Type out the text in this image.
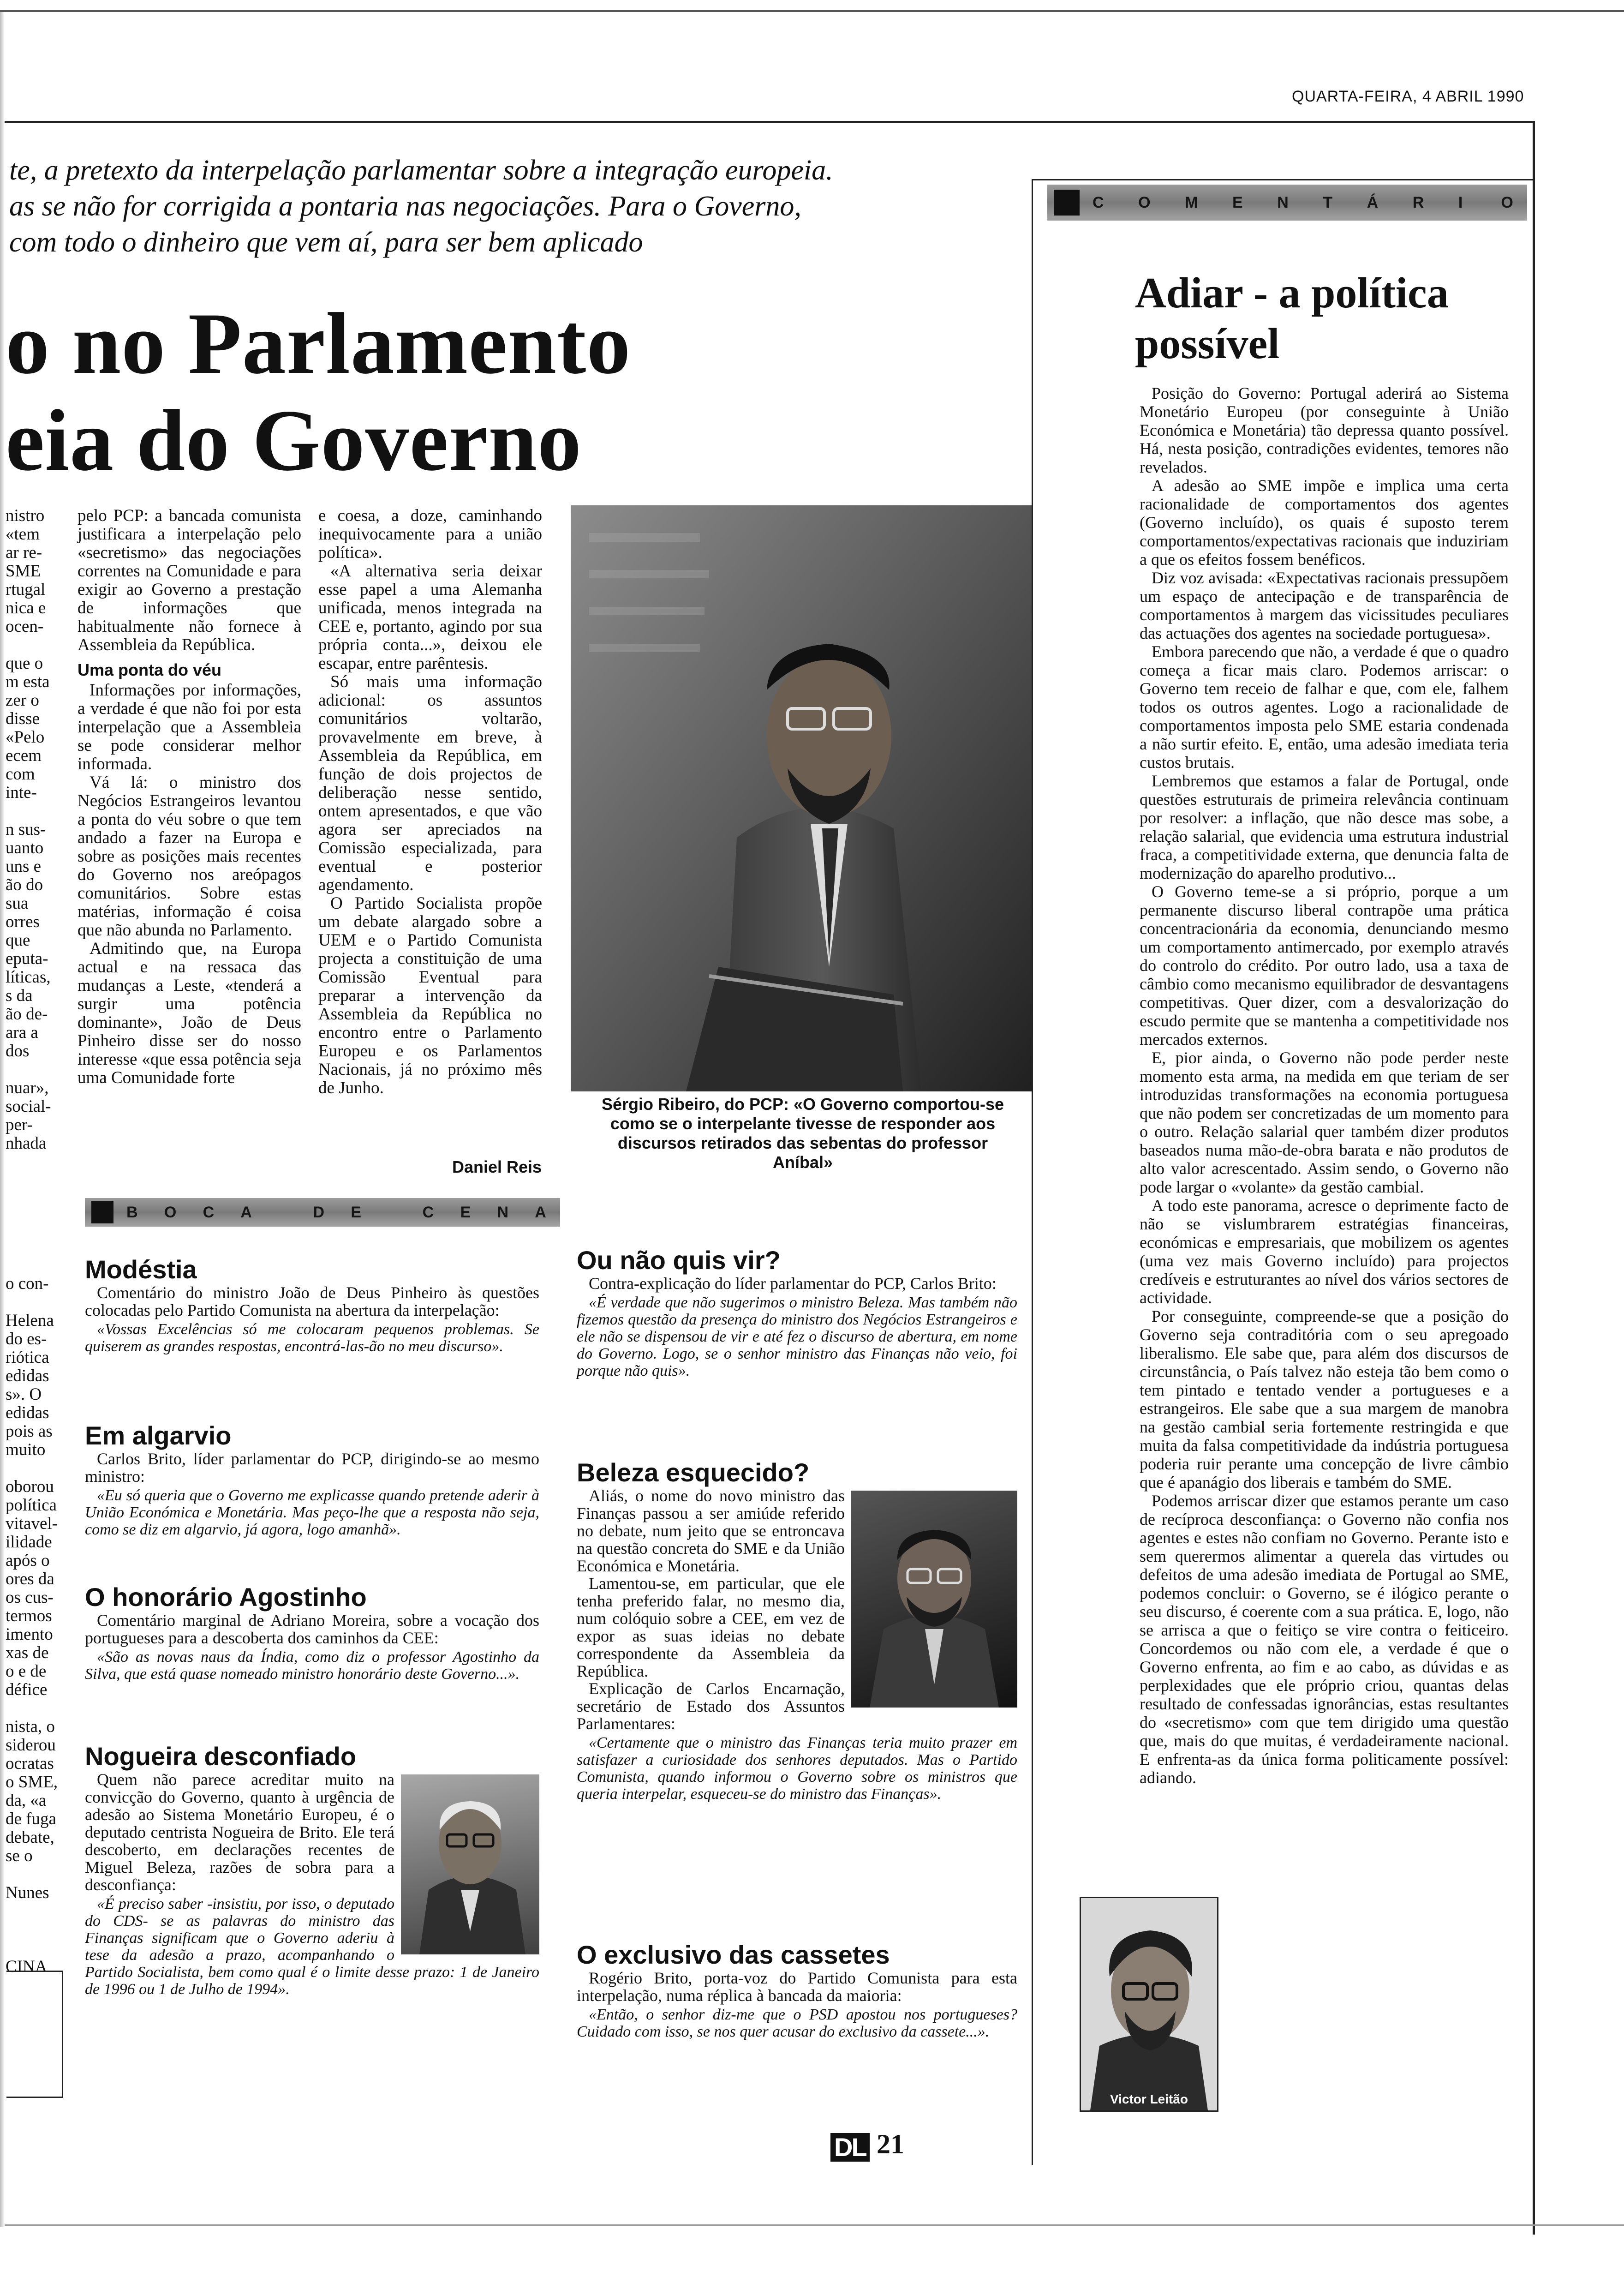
QUARTA-FEIRA, 4 ABRIL 1990
te, a pretexto da interpelação parlamentar sobre a integração europeia.
as se não for corrigida a pontaria nas negociações. Para o Governo,
com todo o dinheiro que vem aí, para ser bem aplicado
o no Parlamento
eia do Governo
nistro
«tem
ar re-
SME
rtugal
nica e
ocen-
que o
m esta
zer o
disse
«Pelo
ecem
com
inte-
n sus-
uanto
uns e
ão do
sua
orres
que
eputa-
líticas,
s da
ão de-
ara a
dos
nuar»,
social-
per-
nhada

pelo PCP: a bancada comunista justificara a interpelação pelo «secretismo» das negociações correntes na Comunidade e para exigir ao Governo a prestação de informações que habitualmente não fornece à Assembleia da República.

Uma ponta do véu

Informações por informações, a verdade é que não foi por esta interpelação que a Assembleia se pode considerar melhor informada.

Vá lá: o ministro dos Negócios Estrangeiros levantou a ponta do véu sobre o que tem andado a fazer na Europa e sobre as posições mais recentes do Governo nos areópagos comunitários. Sobre estas matérias, informação é coisa que não abunda no Parlamento.

Admitindo que, na Europa actual e na ressaca das mudanças a Leste, «tenderá a surgir uma potência dominante», João de Deus Pinheiro disse ser do nosso interesse «que essa potência seja uma Comunidade forte

e coesa, a doze, caminhando inequivocamente para a união política».

«A alternativa seria deixar esse papel a uma Alemanha unificada, menos integrada na CEE e, portanto, agindo por sua própria conta...», deixou ele escapar, entre parêntesis.

Só mais uma informação adicional: os assuntos comunitários voltarão, provavelmente em breve, à Assembleia da República, em função de dois projectos de deliberação nesse sentido, ontem apresentados, e que vão agora ser apreciados na Comissão especializada, para eventual e posterior agendamento.

O Partido Socialista propõe um debate alargado sobre a UEM e o Partido Comunista projecta a constituição de uma Comissão Eventual para preparar a intervenção da Assembleia da República no encontro entre o Parlamento Europeu e os Parlamentos Nacionais, já no próximo mês de Junho.

Daniel Reis
Sérgio Ribeiro, do PCP: «O Governo comportou-se como se o interpelante tivesse de responder aos discursos retirados das sebentas do professor Aníbal»
B O C A	D E	C E N A
o con-
Helena
do es-
riótica
edidas
s». O
edidas
pois as
muito
oborou
política
vitavel-
ilidade
após o
ores da
os cus-
termos
imento
xas de
o e de
défice
nista, o
siderou
ocratas
o SME,
da, «a
de fuga
debate,
se o
Nunes
CINA
Modéstia

Comentário do ministro João de Deus Pinheiro às questões colocadas pelo Partido Comunista na abertura da interpelação:

«Vossas Excelências só me colocaram pequenos problemas. Se quiserem as grandes respostas, encontrá-las-ão no meu discurso».

Em algarvio

Carlos Brito, líder parlamentar do PCP, dirigindo-se ao mesmo ministro:

«Eu só queria que o Governo me explicasse quando pretende aderir à União Económica e Monetária. Mas peço-lhe que a resposta não seja, como se diz em algarvio, já agora, logo amanhã».

O honorário Agostinho

Comentário marginal de Adriano Moreira, sobre a vocação dos portugueses para a descoberta dos caminhos da CEE:

«São as novas naus da Índia, como diz o professor Agostinho da Silva, que está quase nomeado ministro honorário deste Governo...».

Nogueira desconfiado

Quem não parece acreditar muito na convicção do Governo, quanto à urgência de adesão ao Sistema Monetário Europeu, é o deputado centrista Nogueira de Brito. Ele terá descoberto, em declarações recentes de Miguel Beleza, razões de sobra para a desconfiança:

«É preciso saber -insistiu, por isso, o deputado do CDS- se as palavras do ministro das Finanças significam que o Governo aderiu à tese da adesão a prazo, acompanhando o Partido Socialista, bem como qual é o limite desse prazo: 1 de Janeiro de 1996 ou 1 de Julho de 1994».

Ou não quis vir?

Contra-explicação do líder parlamentar do PCP, Carlos Brito:

«É verdade que não sugerimos o ministro Beleza. Mas também não fizemos questão da presença do ministro dos Negócios Estrangeiros e ele não se dispensou de vir e até fez o discurso de abertura, em nome do Governo. Logo, se o senhor ministro das Finanças não veio, foi porque não quis».

Beleza esquecido?

Aliás, o nome do novo ministro das Finanças passou a ser amiúde referido no debate, num jeito que se entroncava na questão concreta do SME e da União Económica e Monetária.

Lamentou-se, em particular, que ele tenha preferido falar, no mesmo dia, num colóquio sobre a CEE, em vez de expor as suas ideias no debate correspondente da Assembleia da República.

Explicação de Carlos Encarnação, secretário de Estado dos Assuntos Parlamentares:

«Certamente que o ministro das Finanças teria muito prazer em satisfazer a curiosidade dos senhores deputados. Mas o Partido Comunista, quando informou o Governo sobre os ministros que queria interpelar, esqueceu-se do ministro das Finanças».

O exclusivo das cassetes

Rogério Brito, porta-voz do Partido Comunista para esta interpelação, numa réplica à bancada da maioria:

«Então, o senhor diz-me que o PSD apostou nos portugueses? Cuidado com isso, se nos quer acusar do exclusivo da cassete...».

C O M E N T Á R I O
Adiar - a política possível

Posição do Governo: Portugal aderirá ao Sistema Monetário Europeu (por conseguinte à União Económica e Monetária) tão depressa quanto possível. Há, nesta posição, contradições evidentes, temores não revelados.

A adesão ao SME impõe e implica uma certa racionalidade de comportamentos dos agentes (Governo incluído), os quais é suposto terem comportamentos/expectativas racionais que induziriam a que os efeitos fossem benéficos.

Diz voz avisada: «Expectativas racionais pressupõem um espaço de antecipação e de transparência de comportamentos à margem das vicissitudes peculiares das actuações dos agentes na sociedade portuguesa».

Embora parecendo que não, a verdade é que o quadro começa a ficar mais claro. Podemos arriscar: o Governo tem receio de falhar e que, com ele, falhem todos os outros agentes. Logo a racionalidade de comportamentos imposta pelo SME estaria condenada a não surtir efeito. E, então, uma adesão imediata teria custos brutais.

Lembremos que estamos a falar de Portugal, onde questões estruturais de primeira relevância continuam por resolver: a inflação, que não desce mas sobe, a relação salarial, que evidencia uma estrutura industrial fraca, a competitividade externa, que denuncia falta de modernização do aparelho produtivo...

O Governo teme-se a si próprio, porque a um permanente discurso liberal contrapõe uma prática concentracionária da economia, denunciando mesmo um comportamento antimercado, por exemplo através do controlo do crédito. Por outro lado, usa a taxa de câmbio como mecanismo equilibrador de desvantagens competitivas. Quer dizer, com a desvalorização do escudo permite que se mantenha a competitividade nos mercados externos.

E, pior ainda, o Governo não pode perder neste momento esta arma, na medida em que teriam de ser introduzidas transformações na economia portuguesa que não podem ser concretizadas de um momento para o outro. Relação salarial quer também dizer produtos baseados numa mão-de-obra barata e não produtos de alto valor acrescentado. Assim sendo, o Governo não pode largar o «volante» da gestão cambial.

A todo este panorama, acresce o deprimente facto de não se vislumbrarem estratégias financeiras, económicas e empresariais, que mobilizem os agentes (uma vez mais Governo incluído) para projectos credíveis e estruturantes ao nível dos vários sectores de actividade.

Por conseguinte, compreende-se que a posição do Governo seja contraditória com o seu apregoado liberalismo. Ele sabe que, para além dos discursos de circunstância, o País talvez não esteja tão bem como o tem pintado e tentado vender a portugueses e a estrangeiros. Ele sabe que a sua margem de manobra na gestão cambial seria fortemente restringida e que muita da falsa competitividade da indústria portuguesa poderia ruir perante uma concepção de livre câmbio que é apanágio dos liberais e também do SME.

Podemos arriscar dizer que estamos perante um caso de recíproca desconfiança: o Governo não confia nos agentes e estes não confiam no Governo. Perante isto e sem querermos alimentar a querela das virtudes ou defeitos de uma adesão imediata de Portugal ao SME, podemos concluir: o Governo, se é ilógico perante o seu discurso, é coerente com a sua prática. E, logo, não se arrisca a que o feitiço se vire contra o feiticeiro. Concordemos ou não com ele, a verdade é que o Governo enfrenta, ao fim e ao cabo, as dúvidas e as perplexidades que ele próprio criou, quantas delas resultado de confessadas ignorâncias, estas resultantes do «secretismo» com que tem dirigido uma questão que, mais do que muitas, é verdadeiramente nacional. E enfrenta-as da única forma politicamente possível: adiando.

Victor Leitão
DL 21
